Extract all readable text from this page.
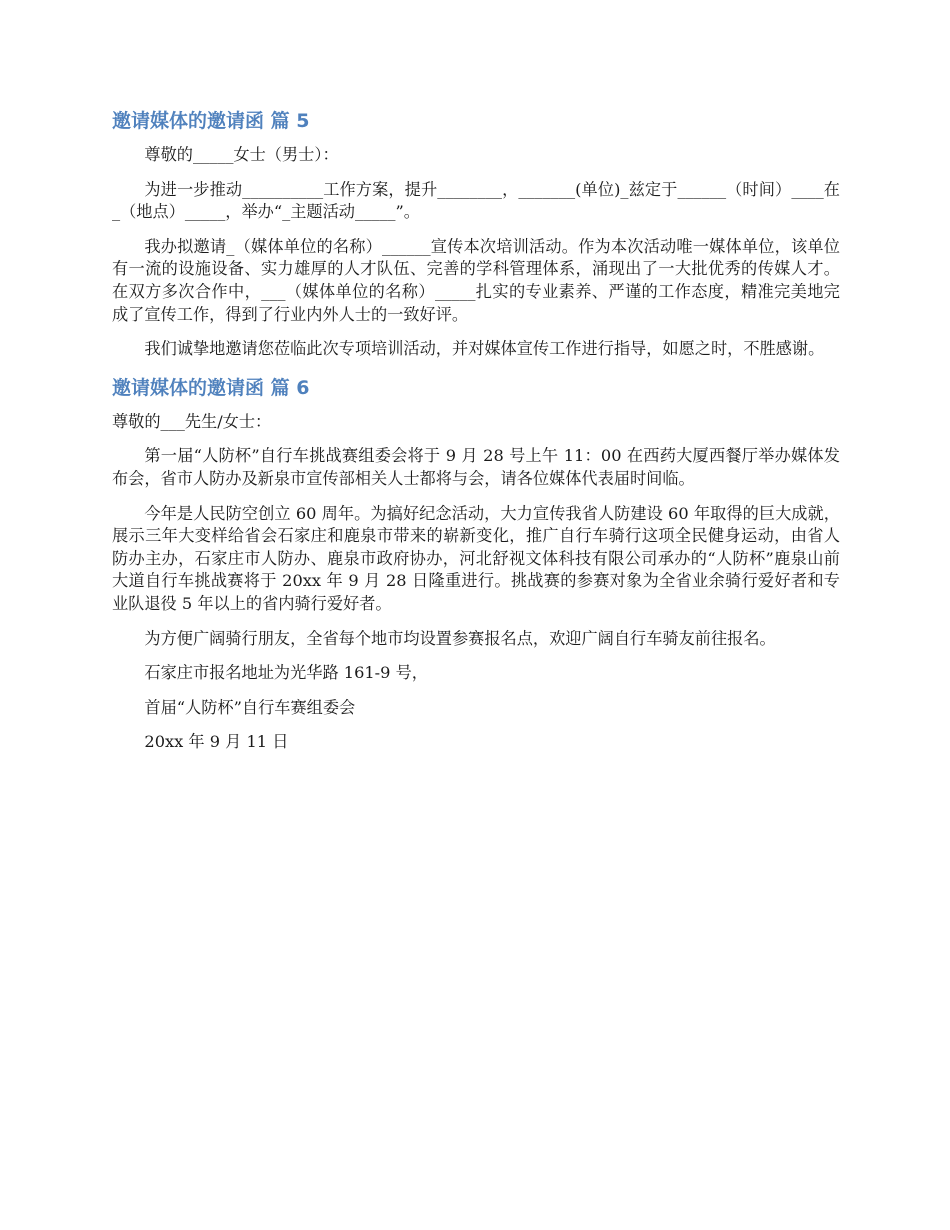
邀请媒体的邀请函 篇 5

尊敬的_____女士（男士）：

为进一步推动__________工作方案，提升________，_______(单位)_兹定于______（时间）____在_（地点）_____，举办“_主题活动_____”。

我办拟邀请_（媒体单位的名称）______宣传本次培训活动。作为本次活动唯一媒体单位，该单位有一流的设施设备、实力雄厚的人才队伍、完善的学科管理体系，涌现出了一大批优秀的传媒人才。在双方多次合作中，___（媒体单位的名称）_____扎实的专业素养、严谨的工作态度，精准完美地完成了宣传工作，得到了行业内外人士的一致好评。

我们诚挚地邀请您莅临此次专项培训活动，并对媒体宣传工作进行指导，如愿之时，不胜感谢。

邀请媒体的邀请函 篇 6

尊敬的___先生/女士：

第一届“人防杯”自行车挑战赛组委会将于 9 月 28 号上午 11：00 在西药大厦西餐厅举办媒体发布会，省市人防办及新泉市宣传部相关人士都将与会，请各位媒体代表届时间临。

今年是人民防空创立 60 周年。为搞好纪念活动，大力宣传我省人防建设 60 年取得的巨大成就，展示三年大变样给省会石家庄和鹿泉市带来的崭新变化，推广自行车骑行这项全民健身运动，由省人防办主办，石家庄市人防办、鹿泉市政府协办，河北舒视文体科技有限公司承办的“人防杯”鹿泉山前大道自行车挑战赛将于 20xx 年 9 月 28 日隆重进行。挑战赛的参赛对象为全省业余骑行爱好者和专业队退役 5 年以上的省内骑行爱好者。

为方便广阔骑行朋友，全省每个地市均设置参赛报名点，欢迎广阔自行车骑友前往报名。

石家庄市报名地址为光华路 161-9 号，

首届“人防杯”自行车赛组委会

20xx 年 9 月 11 日
